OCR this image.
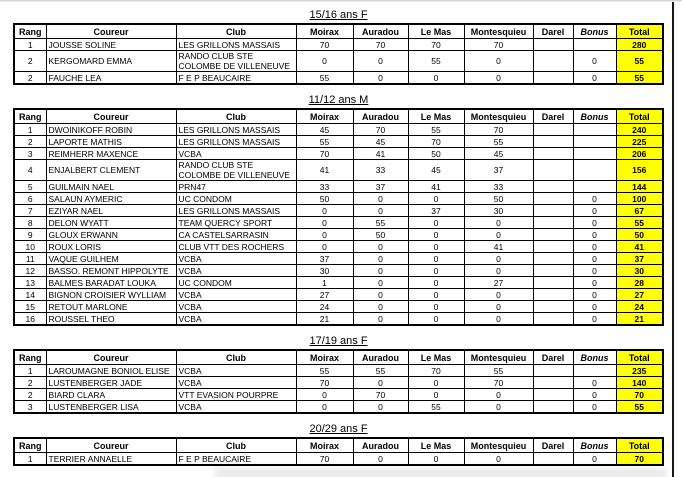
15/16 ans F
Rang	Coureur	Club	Moirax	Auradou	Le Mas	Montesquieu	Darel	Bonus	Total
1	JOUSSE SOLINE	LES GRILLONS MASSAIS	70	70	70	70			280
2	KERGOMARD EMMA	RANDO CLUB STE COLOMBE DE VILLENEUVE	0	0	55	0		0	55
2	FAUCHE LEA	F E P BEAUCAIRE	55	0	0	0		0	55
11/12 ans M
Rang	Coureur	Club	Moirax	Auradou	Le Mas	Montesquieu	Darel	Bonus	Total
1	DWOINIKOFF ROBIN	LES GRILLONS MASSAIS	45	70	55	70			240
2	LAPORTE MATHIS	LES GRILLONS MASSAIS	55	45	70	55			225
3	REIMHERR MAXENCE	VCBA	70	41	50	45			206
4	ENJALBERT CLEMENT	RANDO CLUB STE COLOMBE DE VILLENEUVE	41	33	45	37			156
5	GUILMAIN NAEL	PRN47	33	37	41	33			144
6	SALAUN AYMERIC	UC CONDOM	50	0	0	50		0	100
7	EZIYAR NAEL	LES GRILLONS MASSAIS	0	0	37	30		0	67
8	DELON WYATT	TEAM QUERCY SPORT	0	55	0	0		0	55
9	GLOUX ERWANN	CA CASTELSARRASIN	0	50	0	0		0	50
10	ROUX LORIS	CLUB VTT DES ROCHERS	0	0	0	41		0	41
11	VAQUE GUILHEM	VCBA	37	0	0	0		0	37
12	BASSO. REMONT HIPPOLYTE	VCBA	30	0	0	0		0	30
13	BALMES BARADAT LOUKA	UC CONDOM	1	0	0	27		0	28
14	BIGNON CROISIER WYLLIAM	VCBA	27	0	0	0		0	27
15	RETOUT MARLONE	VCBA	24	0	0	0		0	24
16	ROUSSEL THEO	VCBA	21	0	0	0		0	21
17/19 ans F
Rang	Coureur	Club	Moirax	Auradou	Le Mas	Montesquieu	Darel	Bonus	Total
1	LAROUMAGNE BONIOL ELISE	VCBA	55	55	70	55			235
2	LUSTENBERGER JADE	VCBA	70	0	0	70		0	140
2	BIARD CLARA	VTT EVASION POURPRE	0	70	0	0		0	70
3	LUSTENBERGER LISA	VCBA	0	0	55	0		0	55
20/29 ans F
Rang	Coureur	Club	Moirax	Auradou	Le Mas	Montesquieu	Darel	Bonus	Total
1	TERRIER ANNAELLE	F E P BEAUCAIRE	70	0	0	0		0	70
